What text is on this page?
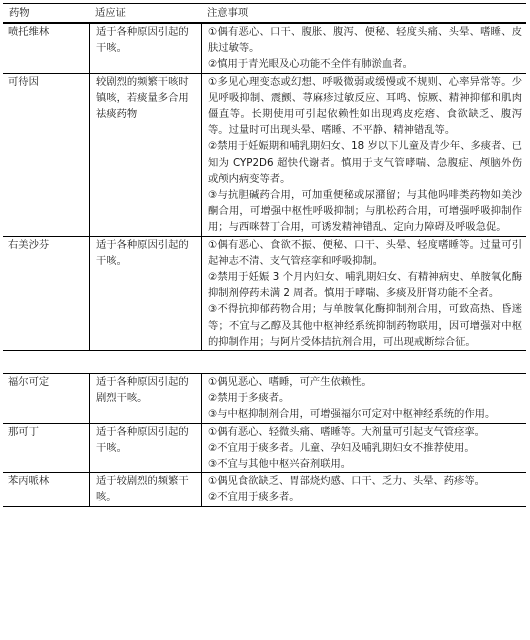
药物	适应证	注意事项
喷托维林	适于各种原因引起的干咳。
①偶有恶心、口干、腹胀、腹泻、便秘、轻度头痛、头晕、嗜睡、皮肤过敏等。
②慎用于青光眼及心功能不全伴有肺淤血者。
可待因	较剧烈的频繁干咳时镇咳，若痰量多合用祛痰药物
①多见心理变态或幻想、呼吸微弱或缓慢或不规则、心率异常等。少见呼吸抑制、震颤、荨麻疹过敏反应、耳鸣、惊厥、精神抑郁和肌肉僵直等。长期使用可引起依赖性如出现鸡皮疙瘩、食欲缺乏、腹泻等。过量时可出现头晕、嗜睡、不平静、精神错乱等。
②禁用于妊娠期和哺乳期妇女、18 岁以下儿童及青少年、多痰者、已知为 CYP2D6 超快代谢者。慎用于支气管哮喘、急腹症、颅脑外伤或颅内病变等者。
③与抗胆碱药合用，可加重便秘或尿潴留；与其他吗啡类药物如美沙酮合用，可增强中枢性呼吸抑制；与肌松药合用，可增强呼吸抑制作用；与西咪替丁合用，可诱发精神错乱、定向力障碍及呼吸急促。
右美沙芬	适于各种原因引起的干咳。
①偶有恶心、食欲不振、便秘、口干、头晕、轻度嗜睡等。过量可引起神志不清、支气管痉挛和呼吸抑制。
②禁用于妊娠 3 个月内妇女、哺乳期妇女、有精神病史、单胺氧化酶抑制剂停药未满 2 周者。慎用于哮喘、多痰及肝肾功能不全者。
③不得抗抑郁药物合用；与单胺氧化酶抑制剂合用，可致高热、昏迷等；不宜与乙醇及其他中枢神经系统抑制药物联用，因可增强对中枢的抑制作用；与阿片受体拮抗剂合用，可出现戒断综合征。
福尔可定	适于各种原因引起的剧烈干咳。
①偶见恶心、嗜睡，可产生依赖性。
②禁用于多痰者。
③与中枢抑制剂合用，可增强福尔可定对中枢神经系统的作用。
那可丁	适于各种原因引起的干咳。
①偶有恶心、轻微头痛、嗜睡等。大剂量可引起支气管痉挛。
②不宜用于痰多者。儿童、孕妇及哺乳期妇女不推荐使用。
③不宜与其他中枢兴奋剂联用。
苯丙哌林	适于较剧烈的频繁干咳。
①偶见食欲缺乏、胃部烧灼感、口干、乏力、头晕、药疹等。
②不宜用于痰多者。
